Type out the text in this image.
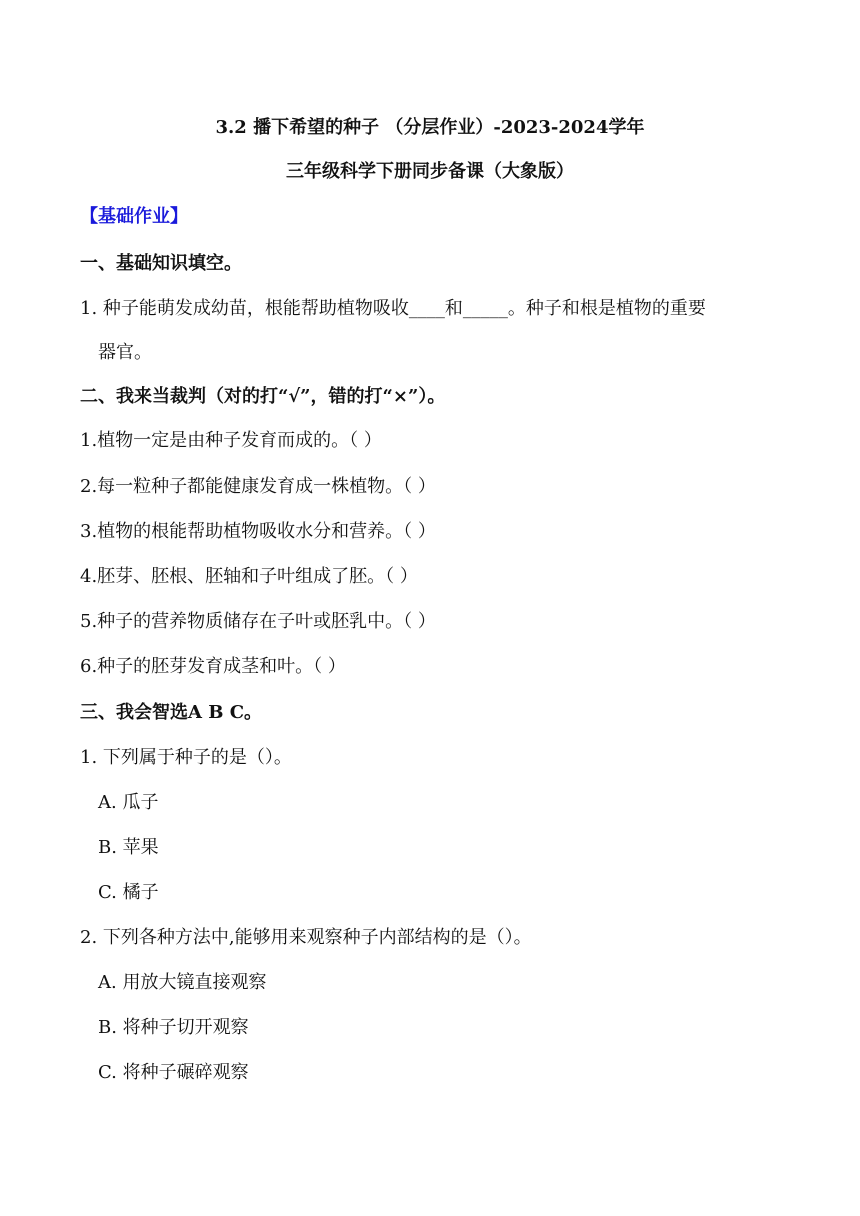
3.2 播下希望的种子 （分层作业）-2023-2024学年
三年级科学下册同步备课（大象版）
【基础作业】
一、基础知识填空。
1. 种子能萌发成幼苗，根能帮助植物吸收____和_____。种子和根是植物的重要
器官。
二、我来当裁判（对的打“√”，错的打“×”）。
1.植物一定是由种子发育而成的。（ ）
2.每一粒种子都能健康发育成一株植物。（ ）
3.植物的根能帮助植物吸收水分和营养。（ ）
4.胚芽、胚根、胚轴和子叶组成了胚。（ ）
5.种子的营养物质储存在子叶或胚乳中。（ ）
6.种子的胚芽发育成茎和叶。（ ）
三、我会智选A B C。
1. 下列属于种子的是（）。
A. 瓜子
B. 苹果
C. 橘子
2. 下列各种方法中,能够用来观察种子内部结构的是（）。
A. 用放大镜直接观察
B. 将种子切开观察
C. 将种子碾碎观察
